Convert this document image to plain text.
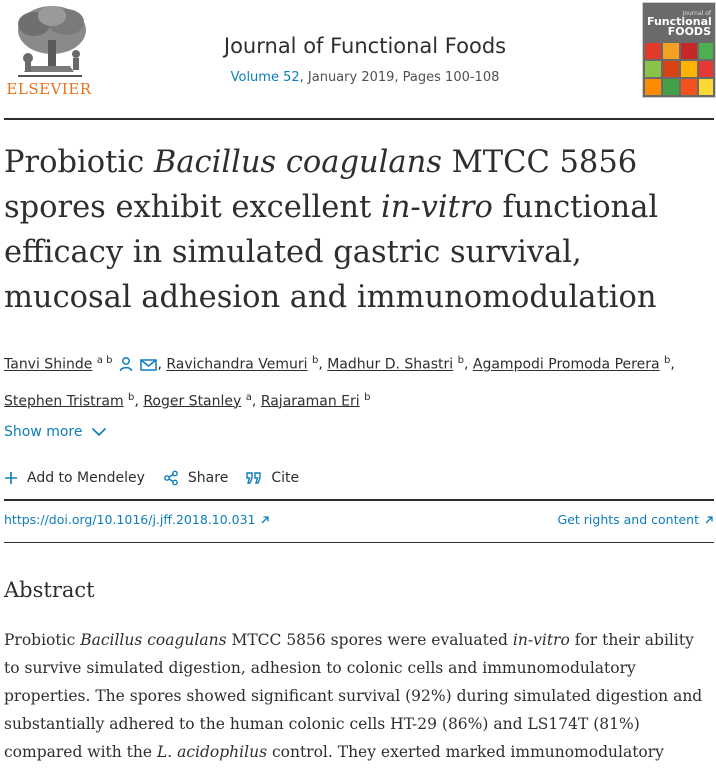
ELSEVIER
Journal of Functional Foods
Volume 52, January 2019, Pages 100-108
Journal of
Functional FOODS
Probiotic Bacillus coagulans MTCC 5856 spores exhibit excellent in-vitro functional efficacy in simulated gastric survival, mucosal adhesion and immunomodulation
Tanvi Shinde $^{a b}$	, Ravichandra Vemuri $^b$, Madhur D. Shastri $^b$, Agampodi Promoda Perera $^b$,
Stephen Tristram $^b$, Roger Stanley $^a$, Rajaraman Eri $^b$
Show more
Add to Mendeley	Share	Cite
https://doi.org/10.1016/j.jff.2018.10.031	Get rights and content
Abstract

Probiotic Bacillus coagulans MTCC 5856 spores were evaluated in-vitro for their ability to survive simulated digestion, adhesion to colonic cells and immunomodulatory properties. The spores showed significant survival (92%) during simulated digestion and substantially adhered to the human colonic cells HT-29 (86%) and LS174T (81%) compared with the L. acidophilus control. They exerted marked immunomodulatory
